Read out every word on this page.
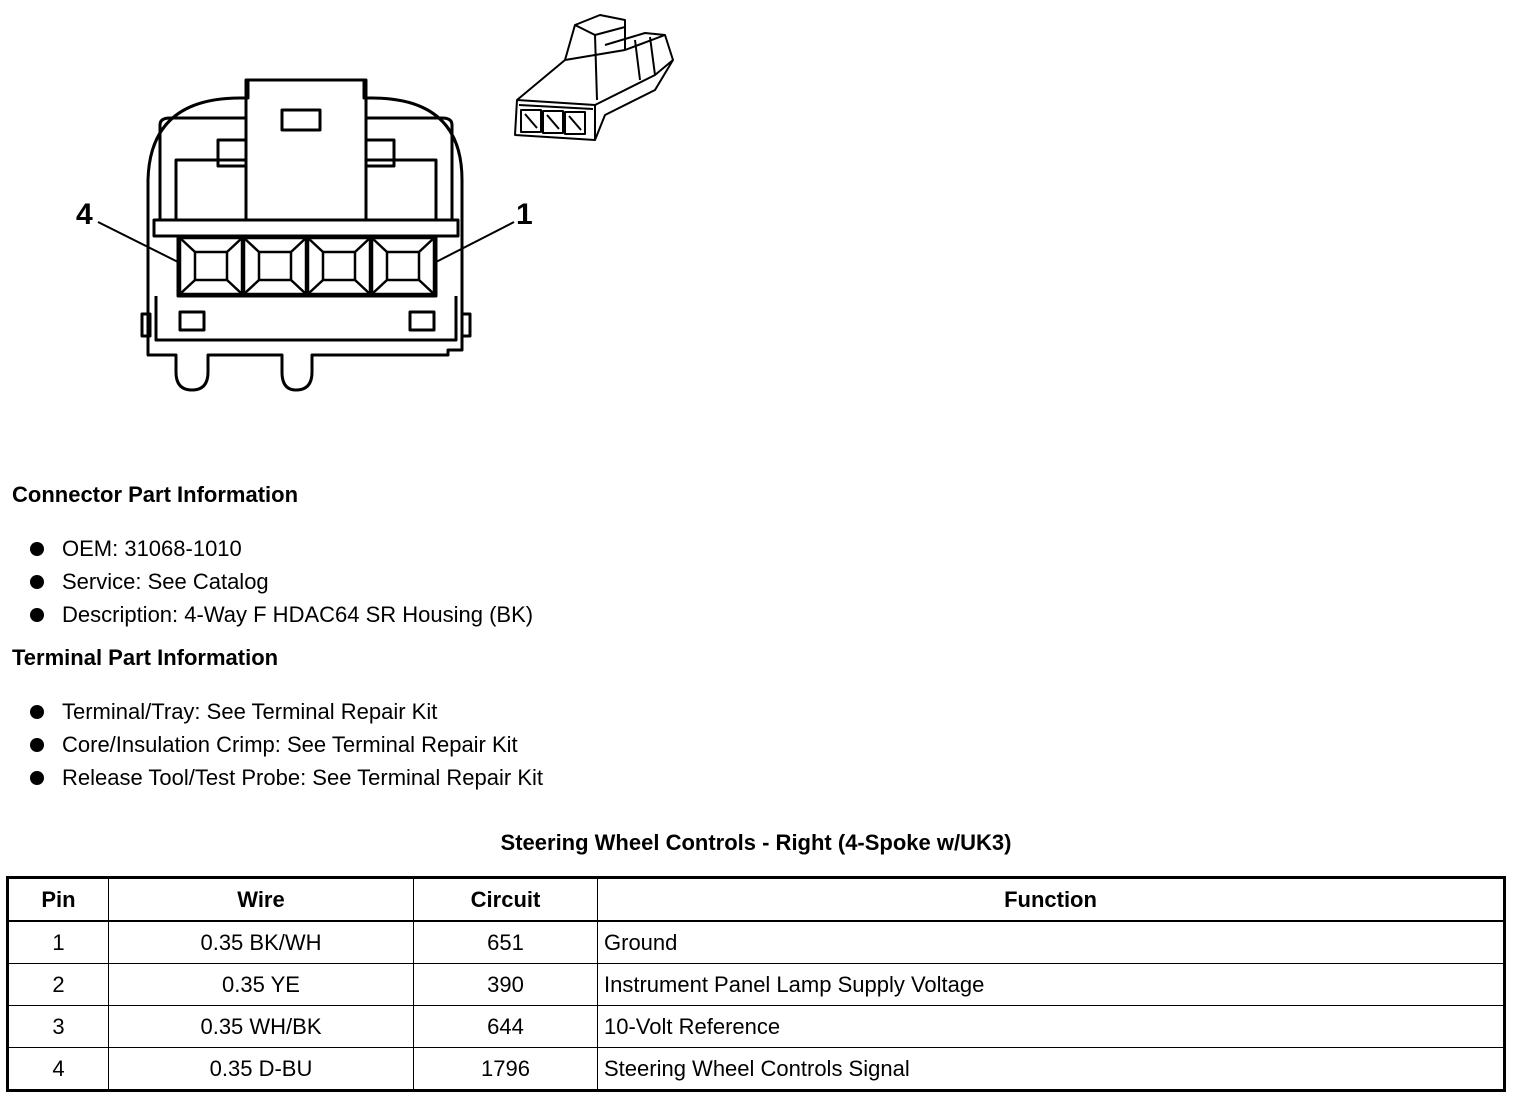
4	1
Connector Part Information
OEM: 31068-1010
Service: See Catalog
Description: 4-Way F HDAC64 SR Housing (BK)
Terminal Part Information
Terminal/Tray: See Terminal Repair Kit
Core/Insulation Crimp: See Terminal Repair Kit
Release Tool/Test Probe: See Terminal Repair Kit
Steering Wheel Controls - Right (4-Spoke w/UK3)
Pin	Wire	Circuit	Function
1	0.35 BK/WH	651	Ground
2	0.35 YE	390	Instrument Panel Lamp Supply Voltage
3	0.35 WH/BK	644	10-Volt Reference
4	0.35 D-BU	1796	Steering Wheel Controls Signal
